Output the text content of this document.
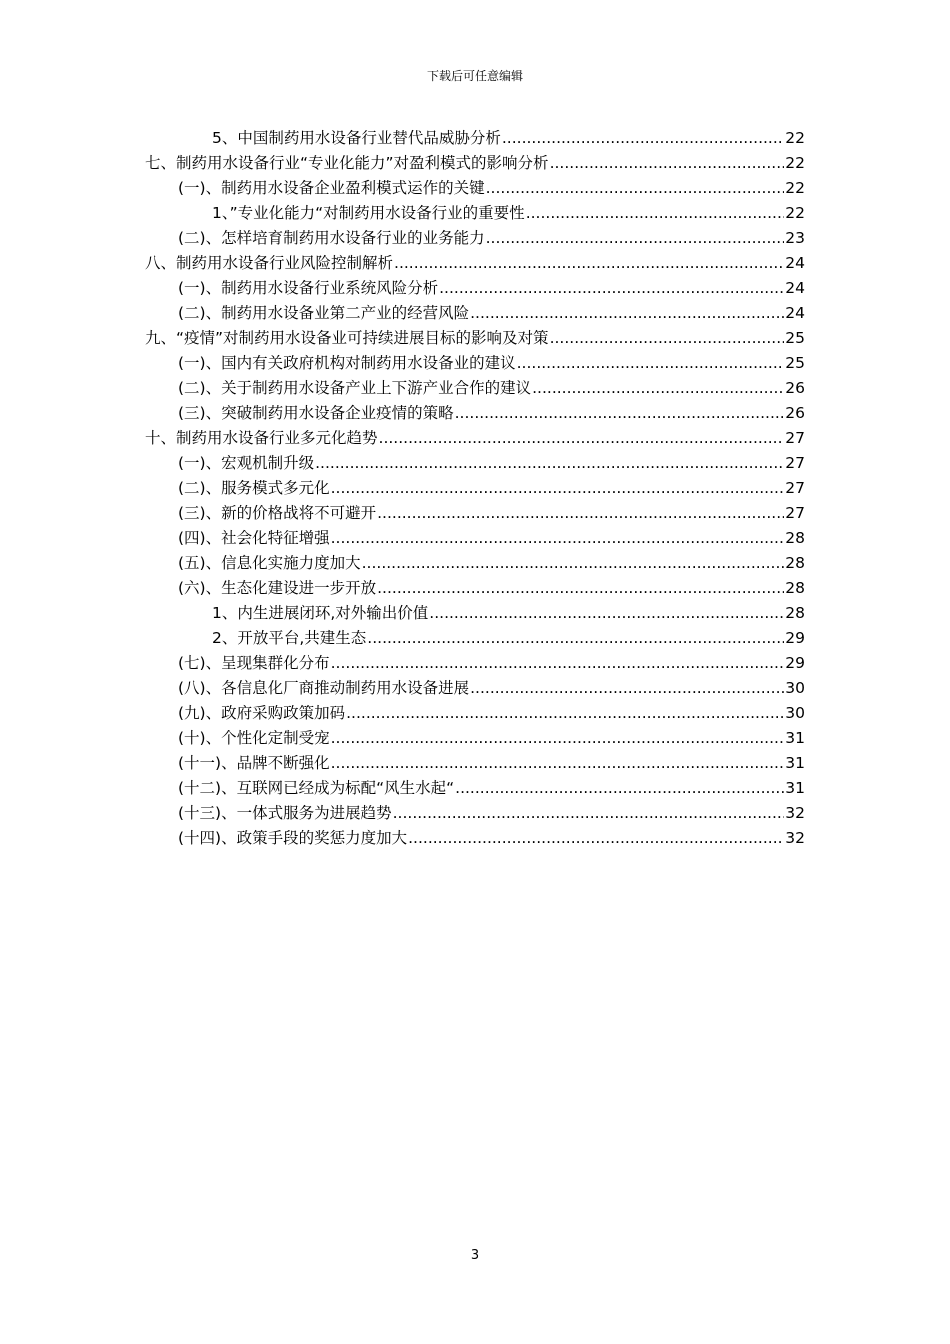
下载后可任意编辑
5、中国制药用水设备行业替代品威胁分析 .....	22
七、制药用水设备行业“专业化能力”对盈利模式的影响分析 .....	22
(一)、制药用水设备企业盈利模式运作的关键 .....	22
1、”专业化能力“对制药用水设备行业的重要性 .....	22
(二)、怎样培育制药用水设备行业的业务能力 .....	23
八、制药用水设备行业风险控制解析 .....	24
(一)、制药用水设备行业系统风险分析 .....	24
(二)、制药用水设备业第二产业的经营风险 .....	24
九、“疫情”对制药用水设备业可持续进展目标的影响及对策 .....	25
(一)、国内有关政府机构对制药用水设备业的建议 .....	25
(二)、关于制药用水设备产业上下游产业合作的建议 .....	26
(三)、突破制药用水设备企业疫情的策略 .....	26
十、制药用水设备行业多元化趋势 .....	27
(一)、宏观机制升级 .....	27
(二)、服务模式多元化 .....	27
(三)、新的价格战将不可避开 .....	27
(四)、社会化特征增强 .....	28
(五)、信息化实施力度加大 .....	28
(六)、生态化建设进一步开放 .....	28
1、内生进展闭环,对外输出价值 .....	28
2、开放平台,共建生态 .....	29
(七)、呈现集群化分布 .....	29
(八)、各信息化厂商推动制药用水设备进展 .....	30
(九)、政府采购政策加码 .....	30
(十)、个性化定制受宠 .....	31
(十一)、品牌不断强化 .....	31
(十二)、互联网已经成为标配“风生水起“ .....	31
(十三)、一体式服务为进展趋势 .....	32
(十四)、政策手段的奖惩力度加大 .....	32
3
